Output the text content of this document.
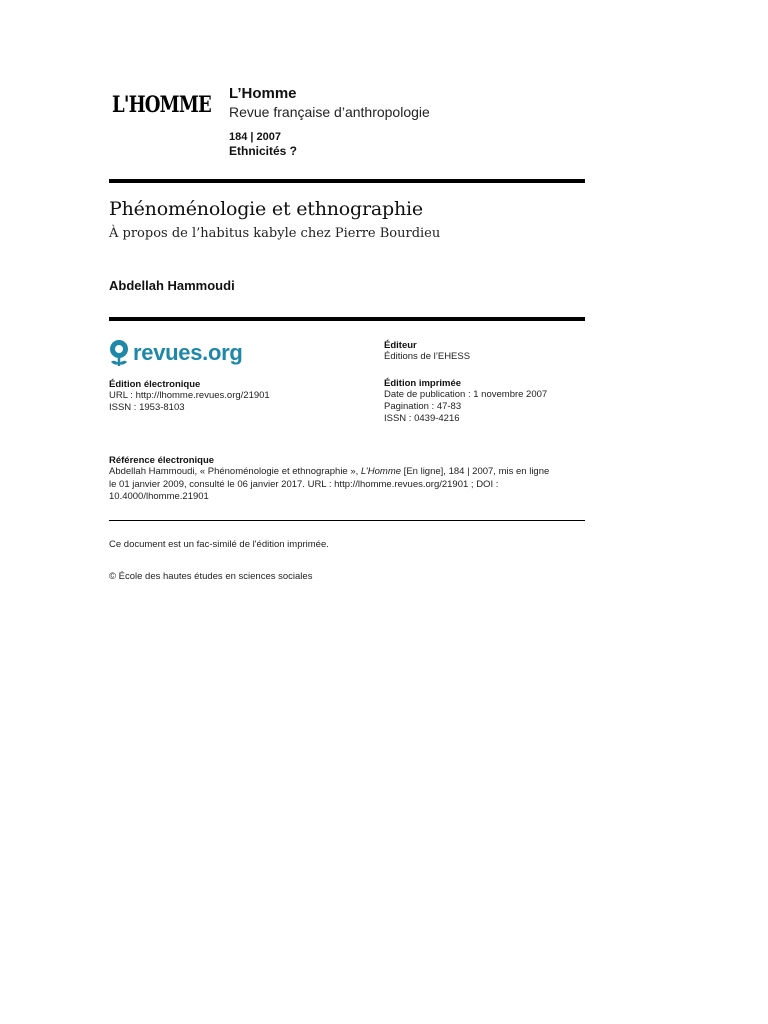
L'HOMME L’Homme
Revue française d’anthropologie
184 | 2007
Ethnicités ?
Phénoménologie et ethnographie
À propos de l’habitus kabyle chez Pierre Bourdieu
Abdellah Hammoudi
revues.org	Éditeur
Éditions de l’EHESS
Édition électronique
URL : http://lhomme.revues.org/21901
ISSN : 1953-8103
Édition imprimée
Date de publication : 1 novembre 2007
Pagination : 47-83
ISSN : 0439-4216
Référence électronique
Abdellah Hammoudi, « Phénoménologie et ethnographie », L’Homme [En ligne], 184 | 2007, mis en ligne
le 01 janvier 2009, consulté le 06 janvier 2017. URL : http://lhomme.revues.org/21901 ; DOI :
10.4000/lhomme.21901
Ce document est un fac-similé de l'édition imprimée.
© École des hautes études en sciences sociales
